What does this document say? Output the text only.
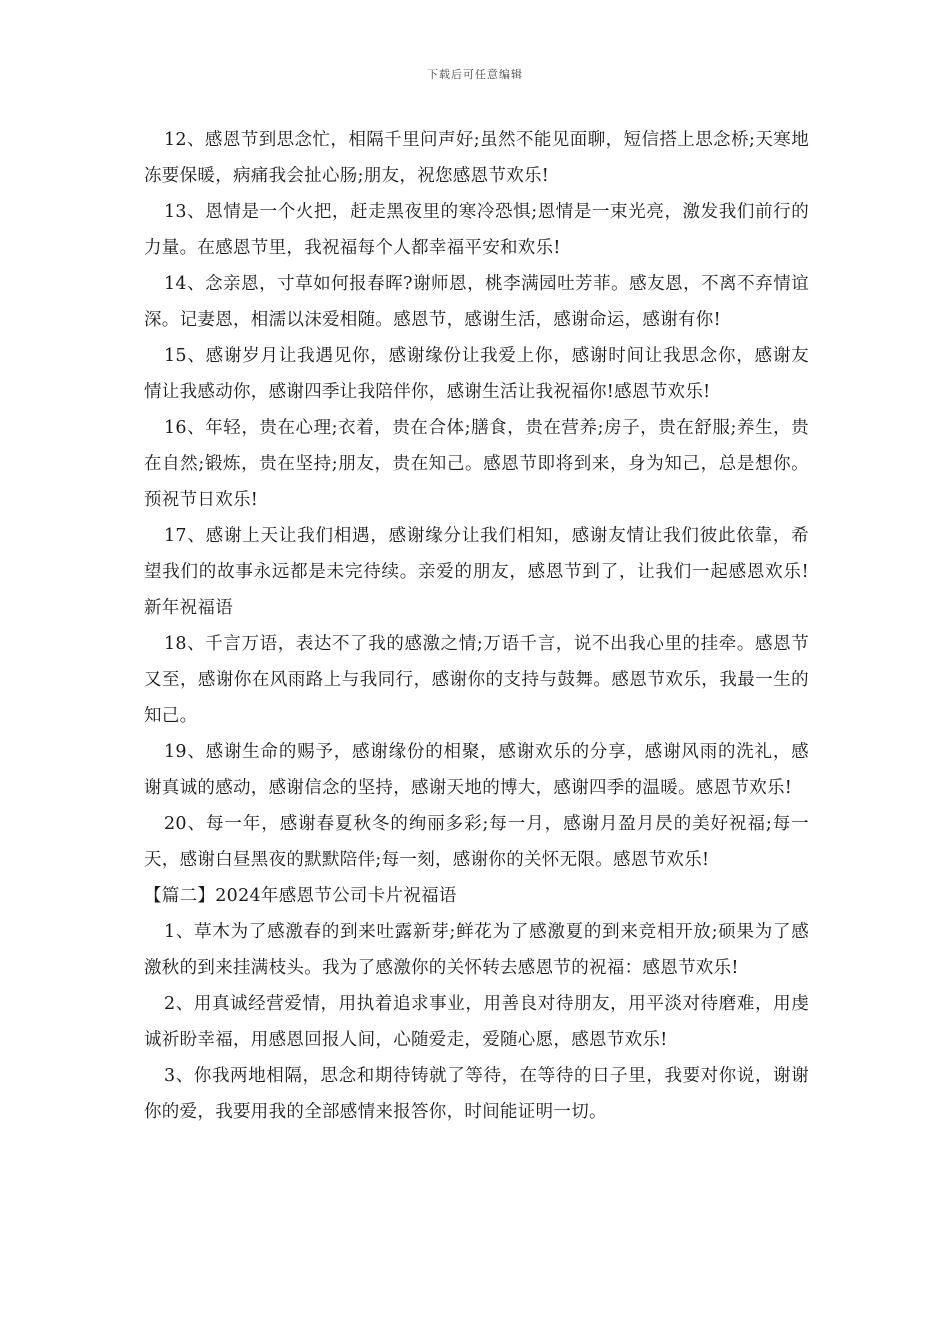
下载后可任意编辑

12、感恩节到思念忙，相隔千里问声好;虽然不能见面聊，短信搭上思念桥;天寒地冻要保暖，病痛我会扯心肠;朋友，祝您感恩节欢乐!

13、恩情是一个火把，赶走黑夜里的寒冷恐惧;恩情是一束光亮，激发我们前行的力量。在感恩节里，我祝福每个人都幸福平安和欢乐!

14、念亲恩，寸草如何报春晖?谢师恩，桃李满园吐芳菲。感友恩，不离不弃情谊深。记妻恩，相濡以沫爱相随。感恩节，感谢生活，感谢命运，感谢有你!

15、感谢岁月让我遇见你，感谢缘份让我爱上你，感谢时间让我思念你，感谢友情让我感动你，感谢四季让我陪伴你，感谢生活让我祝福你!感恩节欢乐!

16、年轻，贵在心理;衣着，贵在合体;膳食，贵在营养;房子，贵在舒服;养生，贵在自然;锻炼，贵在坚持;朋友，贵在知己。感恩节即将到来，身为知己，总是想你。预祝节日欢乐!

17、感谢上天让我们相遇，感谢缘分让我们相知，感谢友情让我们彼此依靠，希望我们的故事永远都是未完待续。亲爱的朋友，感恩节到了，让我们一起感恩欢乐!新年祝福语

18、千言万语，表达不了我的感激之情;万语千言，说不出我心里的挂牵。感恩节又至，感谢你在风雨路上与我同行，感谢你的支持与鼓舞。感恩节欢乐，我最一生的知己。

19、感谢生命的赐予，感谢缘份的相聚，感谢欢乐的分享，感谢风雨的洗礼，感谢真诚的感动，感谢信念的坚持，感谢天地的博大，感谢四季的温暖。感恩节欢乐!

20、每一年，感谢春夏秋冬的绚丽多彩;每一月，感谢月盈月昃的美好祝福;每一天，感谢白昼黑夜的默默陪伴;每一刻，感谢你的关怀无限。感恩节欢乐!

【篇二】2024年感恩节公司卡片祝福语

1、草木为了感激春的到来吐露新芽;鲜花为了感激夏的到来竞相开放;硕果为了感激秋的到来挂满枝头。我为了感激你的关怀转去感恩节的祝福：感恩节欢乐!

2、用真诚经营爱情，用执着追求事业，用善良对待朋友，用平淡对待磨难，用虔诚祈盼幸福，用感恩回报人间，心随爱走，爱随心愿，感恩节欢乐!

3、你我两地相隔，思念和期待铸就了等待，在等待的日子里，我要对你说，谢谢你的爱，我要用我的全部感情来报答你，时间能证明一切。
